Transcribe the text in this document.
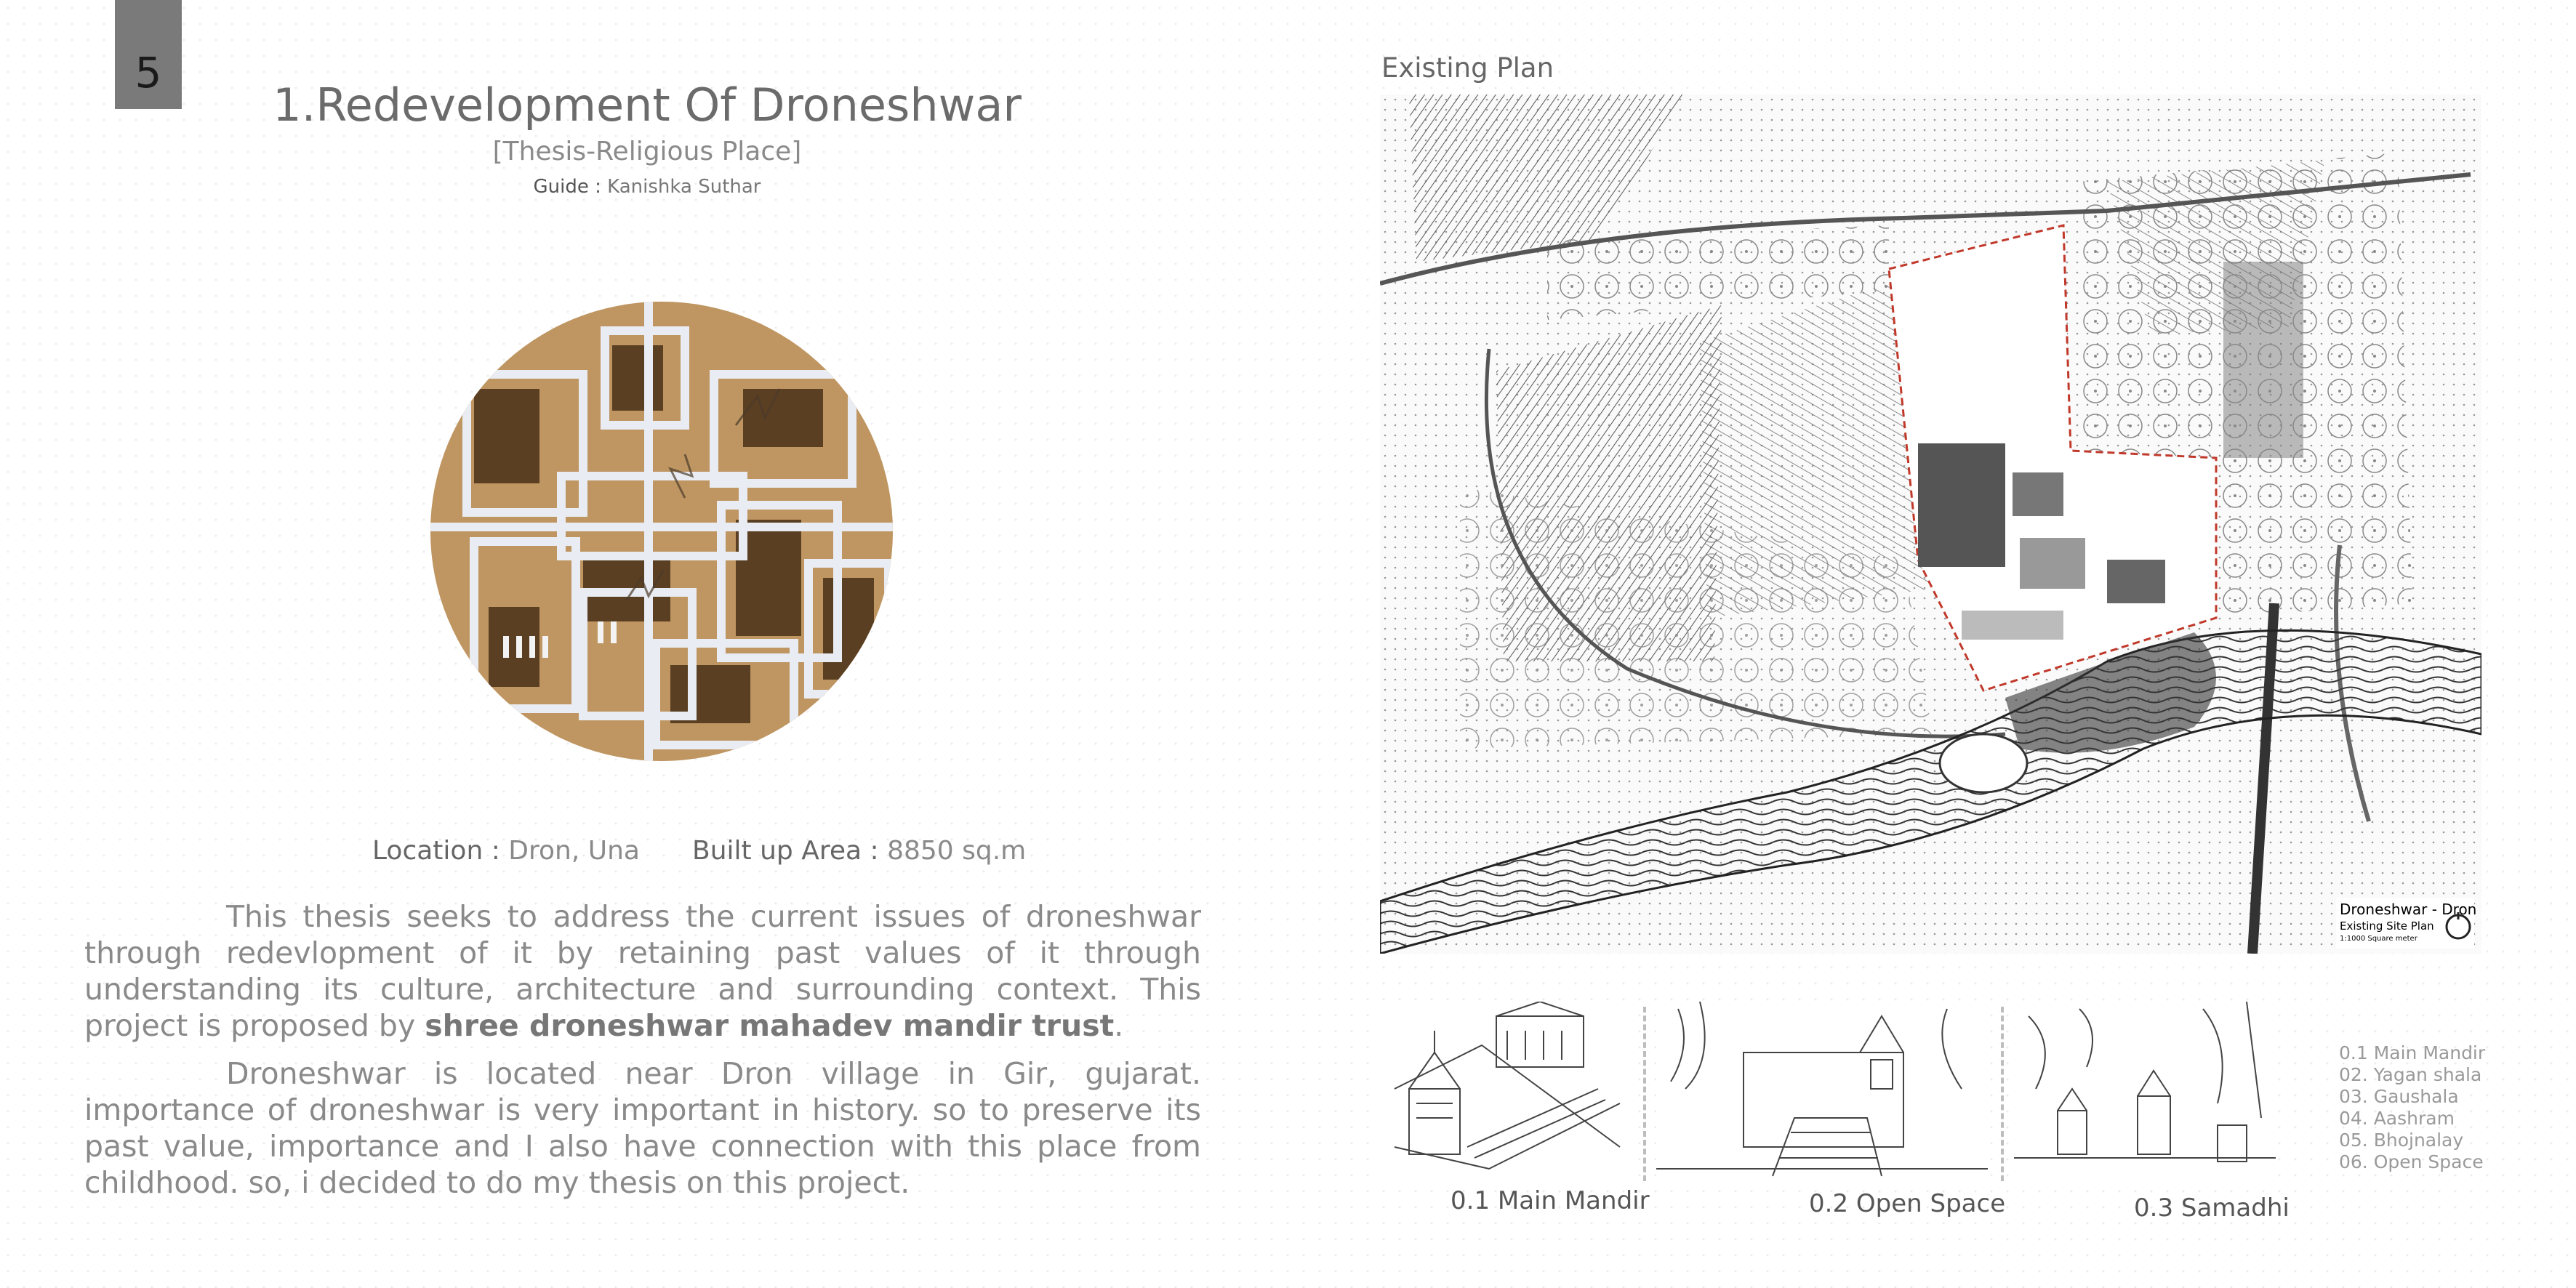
5
1.Redevelopment Of Droneshwar
[Thesis-Religious Place]
Guide : Kanishka Suthar
Location : Dron, Una Built up Area : 8850 sq.m
This thesis seeks to address the current issues of droneshwar through redevlopment of it by retaining past values of it through understanding its culture, architecture and surrounding context. This project is proposed by shree droneshwar mahadev mandir trust.
Droneshwar is located near Dron village in Gir, gujarat. importance of droneshwar is very important in history. so to preserve its past value, importance and I also have connection with this place from childhood. so, i decided to do my thesis on this project.
Existing Plan
Droneshwar - Dron
Existing Site Plan
1:1000 Square meter
0.1 Main Mandir	0.2 Open Space	0.3 Samadhi
0.1 Main Mandir
02. Yagan shala
03. Gaushala
04. Aashram
05. Bhojnalay
06. Open Space
